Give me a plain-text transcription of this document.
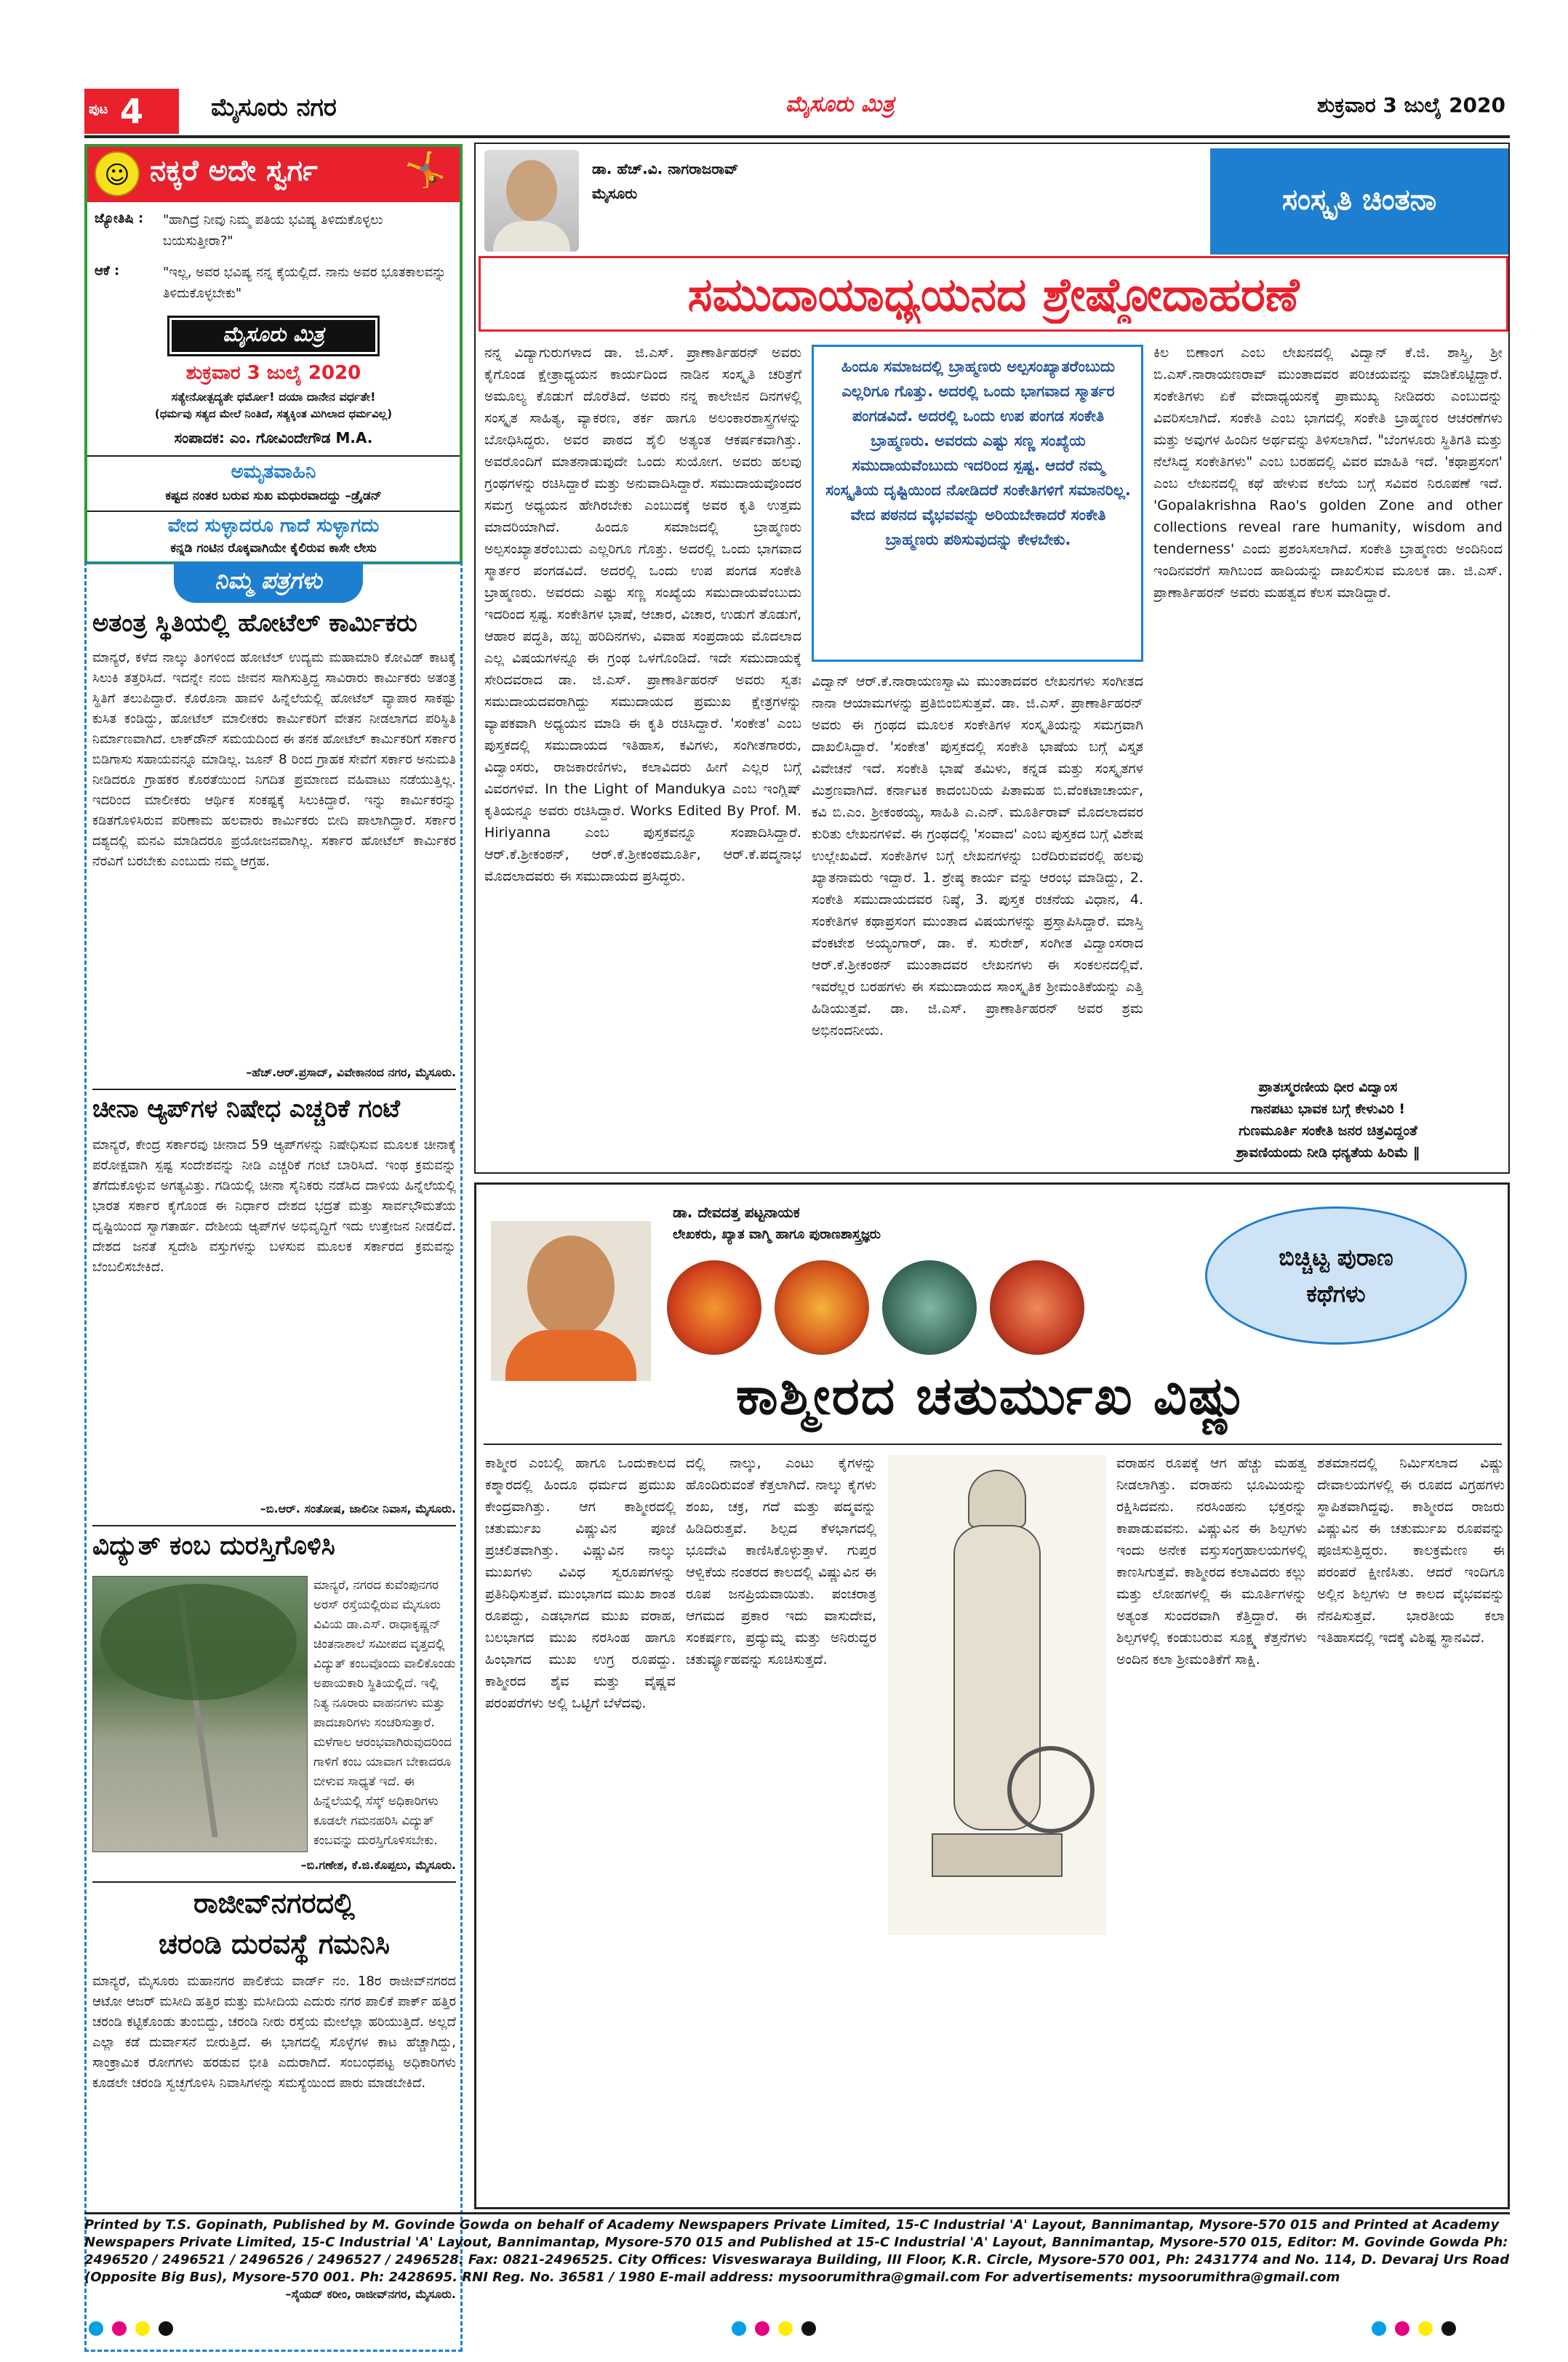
ಪುಟ 4	ಮೈಸೂರು ನಗರ	ಮೈಸೂರು ಮಿತ್ರ	ಶುಕ್ರವಾರ 3 ಜುಲೈ 2020
☺ ನಕ್ಕರೆ ಅದೇ ಸ್ವರ್ಗ	🤸
ಜ್ಯೋತಿಷಿ :	"ಹಾಗಿದ್ರೆ ನೀವು ನಿಮ್ಮ ಪತಿಯ ಭವಿಷ್ಯ ತಿಳಿದುಕೊಳ್ಳಲು ಬಯಸುತ್ತೀರಾ?"
ಆಕೆ :	"ಇಲ್ಲ, ಅವರ ಭವಿಷ್ಯ ನನ್ನ ಕೈಯಲ್ಲಿದೆ. ನಾನು ಅವರ ಭೂತಕಾಲವನ್ನು ತಿಳಿದುಕೊಳ್ಳಬೇಕು"
ಮೈಸೂರು ಮಿತ್ರ
ಶುಕ್ರವಾರ 3 ಜುಲೈ 2020
ಸತ್ಯೇನೋತ್ಪದ್ಯತೇ ಧರ್ಮೋ! ದಯಾ ದಾನೇನ ವರ್ಧತೇ!
(ಧರ್ಮವು ಸತ್ಯದ ಮೇಲೆ ನಿಂತಿದೆ, ಸತ್ಯಕ್ಕಿಂತ ಮಿಗಿಲಾದ ಧರ್ಮವಿಲ್ಲ)
ಸಂಪಾದಕ: ಎಂ. ಗೋವಿಂದೇಗೌಡ M.A.
ಅಮೃತವಾಹಿನಿ
ಕಷ್ಟದ ನಂತರ ಬರುವ ಸುಖ ಮಧುರವಾದದ್ದು –ಡ್ರೈಡನ್
ವೇದ ಸುಳ್ಳಾದರೂ ಗಾದೆ ಸುಳ್ಳಾಗದು
ಕನ್ನಡಿ ಗಂಟಿನ ರೊಕ್ಕವಾಗಿಯೇ ಕೈಲಿರುವ ಕಾಸೇ ಲೇಸು
ನಿಮ್ಮ ಪತ್ರಗಳು
ಅತಂತ್ರ ಸ್ಥಿತಿಯಲ್ಲಿ ಹೋಟೆಲ್ ಕಾರ್ಮಿಕರು
ಮಾನ್ಯರೆ, ಕಳೆದ ನಾಲ್ಕು ತಿಂಗಳಿಂದ ಹೋಟೆಲ್ ಉದ್ಯಮ ಮಹಾಮಾರಿ ಕೋವಿಡ್ ಕಾಟಕ್ಕೆ ಸಿಲುಕಿ ತತ್ತರಿಸಿದೆ. ಇದನ್ನೇ ನಂಬಿ ಜೀವನ ಸಾಗಿಸುತ್ತಿದ್ದ ಸಾವಿರಾರು ಕಾರ್ಮಿಕರು ಅತಂತ್ರ ಸ್ಥಿತಿಗೆ ತಲುಪಿದ್ದಾರೆ. ಕೊರೊನಾ ಹಾವಳಿ ಹಿನ್ನೆಲೆಯಲ್ಲಿ ಹೋಟೆಲ್ ವ್ಯಾಪಾರ ಸಾಕಷ್ಟು ಕುಸಿತ ಕಂಡಿದ್ದು, ಹೋಟೆಲ್ ಮಾಲೀಕರು ಕಾರ್ಮಿಕರಿಗೆ ವೇತನ ನೀಡಲಾಗದ ಪರಿಸ್ಥಿತಿ ನಿರ್ಮಾಣವಾಗಿದೆ. ಲಾಕ್‌ಡೌನ್ ಸಮಯದಿಂದ ಈ ತನಕ ಹೋಟೆಲ್ ಕಾರ್ಮಿಕರಿಗೆ ಸರ್ಕಾರ ಬಿಡಿಗಾಸು ಸಹಾಯವನ್ನೂ ಮಾಡಿಲ್ಲ. ಜೂನ್ 8 ರಿಂದ ಗ್ರಾಹಕ ಸೇವೆಗೆ ಸರ್ಕಾರ ಅನುಮತಿ ನೀಡಿದರೂ ಗ್ರಾಹಕರ ಕೊರತೆಯಿಂದ ನಿಗದಿತ ಪ್ರಮಾಣದ ವಹಿವಾಟು ನಡೆಯುತ್ತಿಲ್ಲ. ಇದರಿಂದ ಮಾಲೀಕರು ಆರ್ಥಿಕ ಸಂಕಷ್ಟಕ್ಕೆ ಸಿಲುಕಿದ್ದಾರೆ. ಇನ್ನು ಕಾರ್ಮಿಕರನ್ನು ಕಡಿತಗೊಳಿಸಿರುವ ಪರಿಣಾಮ ಹಲವಾರು ಕಾರ್ಮಿಕರು ಬೀದಿ ಪಾಲಾಗಿದ್ದಾರೆ. ಸರ್ಕಾರ ದಶ್ಯದಲ್ಲಿ ಮನವಿ ಮಾಡಿದರೂ ಪ್ರಯೋಜನವಾಗಿಲ್ಲ. ಸರ್ಕಾರ ಹೋಟೆಲ್ ಕಾರ್ಮಿಕರ ನೆರವಿಗೆ ಬರಬೇಕು ಎಂಬುದು ನಮ್ಮ ಆಗ್ರಹ.
–ಹೆಚ್.ಆರ್.ಪ್ರಸಾದ್, ವಿವೇಕಾನಂದ ನಗರ, ಮೈಸೂರು.
ಚೀನಾ ಆ್ಯಪ್‌ಗಳ ನಿಷೇಧ ಎಚ್ಚರಿಕೆ ಗಂಟೆ
ಮಾನ್ಯರೆ, ಕೇಂದ್ರ ಸರ್ಕಾರವು ಚೀನಾದ 59 ಆ್ಯಪ್‌ಗಳನ್ನು ನಿಷೇಧಿಸುವ ಮೂಲಕ ಚೀನಾಕ್ಕೆ ಪರೋಕ್ಷವಾಗಿ ಸ್ಪಷ್ಟ ಸಂದೇಶವನ್ನು ನೀಡಿ ಎಚ್ಚರಿಕೆ ಗಂಟೆ ಬಾರಿಸಿದೆ. ಇಂಥ ಕ್ರಮವನ್ನು ತೆಗೆದುಕೊಳ್ಳುವ ಅಗತ್ಯವಿತ್ತು. ಗಡಿಯಲ್ಲಿ ಚೀನಾ ಸೈನಿಕರು ನಡೆಸಿದ ದಾಳಿಯ ಹಿನ್ನೆಲೆಯಲ್ಲಿ ಭಾರತ ಸರ್ಕಾರ ಕೈಗೊಂಡ ಈ ನಿರ್ಧಾರ ದೇಶದ ಭದ್ರತೆ ಮತ್ತು ಸಾರ್ವಭೌಮತೆಯ ದೃಷ್ಟಿಯಿಂದ ಸ್ವಾಗತಾರ್ಹ. ದೇಶೀಯ ಆ್ಯಪ್‌ಗಳ ಅಭಿವೃದ್ಧಿಗೆ ಇದು ಉತ್ತೇಜನ ನೀಡಲಿದೆ. ದೇಶದ ಜನತೆ ಸ್ವದೇಶಿ ವಸ್ತುಗಳನ್ನು ಬಳಸುವ ಮೂಲಕ ಸರ್ಕಾರದ ಕ್ರಮವನ್ನು ಬೆಂಬಲಿಸಬೇಕಿದೆ.
–ಬಿ.ಆರ್. ಸಂತೋಷ, ಜಾಲಿನೀ ನಿವಾಸ, ಮೈಸೂರು.
ವಿದ್ಯುತ್ ಕಂಬ ದುರಸ್ತಿಗೊಳಿಸಿ
ಮಾನ್ಯರೆ, ನಗರದ ಕುವೆಂಪುನಗರ ಅರಸ್ ರಸ್ತೆಯಲ್ಲಿರುವ ಮೈಸೂರು ವಿವಿಯ ಡಾ.ಎಸ್. ರಾಧಾಕೃಷ್ಣನ್ ಚಿಂತನಾಶಾಲೆ ಸಮೀಪದ ವೃತ್ತದಲ್ಲಿ ವಿದ್ಯುತ್ ಕಂಬವೊಂದು ವಾಲಿಕೊಂಡು ಅಪಾಯಕಾರಿ ಸ್ಥಿತಿಯಲ್ಲಿದೆ. ಇಲ್ಲಿ ನಿತ್ಯ ನೂರಾರು ವಾಹನಗಳು ಮತ್ತು ಪಾದಚಾರಿಗಳು ಸಂಚರಿಸುತ್ತಾರೆ. ಮಳೆಗಾಲ ಆರಂಭವಾಗಿರುವುದರಿಂದ ಗಾಳಿಗೆ ಕಂಬ ಯಾವಾಗ ಬೇಕಾದರೂ ಬೀಳುವ ಸಾಧ್ಯತೆ ಇದೆ. ಈ ಹಿನ್ನೆಲೆಯಲ್ಲಿ ಸೆಸ್ಕ್ ಅಧಿಕಾರಿಗಳು ಕೂಡಲೇ ಗಮನಹರಿಸಿ ವಿದ್ಯುತ್ ಕಂಬವನ್ನು ದುರಸ್ತಿಗೊಳಿಸಬೇಕು.
–ಬಿ.ಗಣೇಶ, ಕೆ.ಜಿ.ಕೊಪ್ಪಲು, ಮೈಸೂರು.
ರಾಜೀವ್‌ನಗರದಲ್ಲಿ
ಚರಂಡಿ ದುರವಸ್ಥೆ ಗಮನಿಸಿ
ಮಾನ್ಯರೆ, ಮೈಸೂರು ಮಹಾನಗರ ಪಾಲಿಕೆಯ ವಾರ್ಡ್ ನಂ. 18ರ ರಾಜೀವ್‌ನಗರದ ಆಟೋ ಆಜರ್ ಮಸೀದಿ ಹತ್ತಿರ ಮತ್ತು ಮಸೀದಿಯ ಎದುರು ನಗರ ಪಾಲಿಕೆ ಪಾರ್ಕ್ ಹತ್ತಿರ ಚರಂಡಿ ಕಟ್ಟಿಕೊಂಡು ತುಂಬಿದ್ದು, ಚರಂಡಿ ನೀರು ರಸ್ತೆಯ ಮೇಲೆಲ್ಲಾ ಹರಿಯುತ್ತಿದೆ. ಅಲ್ಲದೆ ಎಲ್ಲಾ ಕಡೆ ದುರ್ವಾಸನೆ ಬೀರುತ್ತಿದೆ. ಈ ಭಾಗದಲ್ಲಿ ಸೊಳ್ಳೆಗಳ ಕಾಟ ಹೆಚ್ಚಾಗಿದ್ದು, ಸಾಂಕ್ರಾಮಿಕ ರೋಗಗಳು ಹರಡುವ ಭೀತಿ ಎದುರಾಗಿದೆ. ಸಂಬಂಧಪಟ್ಟ ಅಧಿಕಾರಿಗಳು ಕೂಡಲೇ ಚರಂಡಿ ಸ್ವಚ್ಛಗೊಳಿಸಿ ನಿವಾಸಿಗಳನ್ನು ಸಮಸ್ಯೆಯಿಂದ ಪಾರು ಮಾಡಬೇಕಿದೆ.
–ಸೈಯದ್ ಕರೀಂ, ರಾಜೀವ್‌ನಗರ, ಮೈಸೂರು.
ಡಾ. ಹೆಚ್.ವಿ. ನಾಗರಾಜರಾವ್
ಮೈಸೂರು	ಸಂಸ್ಕೃತಿ ಚಿಂತನಾ
ಸಮುದಾಯಾಧ್ಯಯನದ ಶ್ರೇಷ್ಠೋದಾಹರಣೆ
ನನ್ನ ವಿದ್ಯಾಗುರುಗಳಾದ ಡಾ. ಜಿ.ಎಸ್. ಪ್ರಾಣಾರ್ತಿಹರನ್ ಅವರು ಕೈಗೊಂಡ ಕ್ಷೇತ್ರಾಧ್ಯಯನ ಕಾರ್ಯದಿಂದ ನಾಡಿನ ಸಂಸ್ಕೃತಿ ಚರಿತ್ರೆಗೆ ಅಮೂಲ್ಯ ಕೊಡುಗೆ ದೊರೆತಿದೆ. ಅವರು ನನ್ನ ಕಾಲೇಜಿನ ದಿನಗಳಲ್ಲಿ ಸಂಸ್ಕೃತ ಸಾಹಿತ್ಯ, ವ್ಯಾಕರಣ, ತರ್ಕ ಹಾಗೂ ಅಲಂಕಾರಶಾಸ್ತ್ರಗಳನ್ನು ಬೋಧಿಸಿದ್ದರು. ಅವರ ಪಾಠದ ಶೈಲಿ ಅತ್ಯಂತ ಆಕರ್ಷಕವಾಗಿತ್ತು. ಅವರೊಂದಿಗೆ ಮಾತನಾಡುವುದೇ ಒಂದು ಸುಯೋಗ. ಅವರು ಹಲವು ಗ್ರಂಥಗಳನ್ನು ರಚಿಸಿದ್ದಾರೆ ಮತ್ತು ಅನುವಾದಿಸಿದ್ದಾರೆ. ಸಮುದಾಯವೊಂದರ ಸಮಗ್ರ ಅಧ್ಯಯನ ಹೇಗಿರಬೇಕು ಎಂಬುದಕ್ಕೆ ಅವರ ಕೃತಿ ಉತ್ತಮ ಮಾದರಿಯಾಗಿದೆ. ಹಿಂದೂ ಸಮಾಜದಲ್ಲಿ ಬ್ರಾಹ್ಮಣರು ಅಲ್ಪಸಂಖ್ಯಾತರೆಂಬುದು ಎಲ್ಲರಿಗೂ ಗೊತ್ತು. ಅದರಲ್ಲಿ ಒಂದು ಭಾಗವಾದ ಸ್ಮಾರ್ತರ ಪಂಗಡವಿದೆ. ಅದರಲ್ಲಿ ಒಂದು ಉಪ ಪಂಗಡ ಸಂಕೇತಿ ಬ್ರಾಹ್ಮಣರು. ಅವರದು ಎಷ್ಟು ಸಣ್ಣ ಸಂಖ್ಯೆಯ ಸಮುದಾಯವೆಂಬುದು ಇದರಿಂದ ಸ್ಪಷ್ಟ. ಸಂಕೇತಿಗಳ ಭಾಷೆ, ಆಚಾರ, ವಿಚಾರ, ಉಡುಗೆ ತೊಡುಗೆ, ಆಹಾರ ಪದ್ಧತಿ, ಹಬ್ಬ ಹರಿದಿನಗಳು, ವಿವಾಹ ಸಂಪ್ರದಾಯ ಮೊದಲಾದ ಎಲ್ಲ ವಿಷಯಗಳನ್ನೂ ಈ ಗ್ರಂಥ ಒಳಗೊಂಡಿದೆ. ಇದೇ ಸಮುದಾಯಕ್ಕೆ ಸೇರಿದವರಾದ ಡಾ. ಜಿ.ಎಸ್. ಪ್ರಾಣಾರ್ತಿಹರನ್ ಅವರು ಸ್ವತಃ ಸಮುದಾಯದವರಾಗಿದ್ದು ಸಮುದಾಯದ ಪ್ರಮುಖ ಕ್ಷೇತ್ರಗಳನ್ನು ವ್ಯಾಪಕವಾಗಿ ಅಧ್ಯಯನ ಮಾಡಿ ಈ ಕೃತಿ ರಚಿಸಿದ್ದಾರೆ. 'ಸಂಕೇತ' ಎಂಬ ಪುಸ್ತಕದಲ್ಲಿ ಸಮುದಾಯದ ಇತಿಹಾಸ, ಕವಿಗಳು, ಸಂಗೀತಗಾರರು, ವಿದ್ವಾಂಸರು, ರಾಜಕಾರಣಿಗಳು, ಕಲಾವಿದರು ಹೀಗೆ ಎಲ್ಲರ ಬಗ್ಗೆ ವಿವರಗಳಿವೆ. In the Light of Mandukya ಎಂಬ ಇಂಗ್ಲಿಷ್ ಕೃತಿಯನ್ನೂ ಅವರು ರಚಿಸಿದ್ದಾರೆ. Works Edited By Prof. M. Hiriyanna ಎಂಬ ಪುಸ್ತಕವನ್ನೂ ಸಂಪಾದಿಸಿದ್ದಾರೆ. ಆರ್.ಕೆ.ಶ್ರೀಕಂಠನ್, ಆರ್.ಕೆ.ಶ್ರೀಕಂಠಮೂರ್ತಿ, ಆರ್.ಕೆ.ಪದ್ಮನಾಭ ಮೊದಲಾದವರು ಈ ಸಮುದಾಯದ ಪ್ರಸಿದ್ಧರು.
ಹಿಂದೂ ಸಮಾಜದಲ್ಲಿ ಬ್ರಾಹ್ಮಣರು ಅಲ್ಪಸಂಖ್ಯಾತರೆಂಬುದು ಎಲ್ಲರಿಗೂ ಗೊತ್ತು. ಅದರಲ್ಲಿ ಒಂದು ಭಾಗವಾದ ಸ್ಮಾರ್ತರ ಪಂಗಡವಿದೆ. ಅದರಲ್ಲಿ ಒಂದು ಉಪ ಪಂಗಡ ಸಂಕೇತಿ ಬ್ರಾಹ್ಮಣರು. ಅವರದು ಎಷ್ಟು ಸಣ್ಣ ಸಂಖ್ಯೆಯ ಸಮುದಾಯವೆಂಬುದು ಇದರಿಂದ ಸ್ಪಷ್ಟ. ಆದರೆ ನಮ್ಮ ಸಂಸ್ಕೃತಿಯ ದೃಷ್ಟಿಯಿಂದ ನೋಡಿದರೆ ಸಂಕೇತಿಗಳಿಗೆ ಸಮಾನರಿಲ್ಲ. ವೇದ ಪಠನದ ವೈಭವವನ್ನು ಅರಿಯಬೇಕಾದರೆ ಸಂಕೇತಿ ಬ್ರಾಹ್ಮಣರು ಪಠಿಸುವುದನ್ನು ಕೇಳಬೇಕು.
ವಿದ್ವಾನ್ ಆರ್.ಕೆ.ನಾರಾಯಣಸ್ವಾಮಿ ಮುಂತಾದವರ ಲೇಖನಗಳು ಸಂಗೀತದ ನಾನಾ ಆಯಾಮಗಳನ್ನು ಪ್ರತಿಬಿಂಬಿಸುತ್ತವೆ. ಡಾ. ಜಿ.ಎಸ್. ಪ್ರಾಣಾರ್ತಿಹರನ್ ಅವರು ಈ ಗ್ರಂಥದ ಮೂಲಕ ಸಂಕೇತಿಗಳ ಸಂಸ್ಕೃತಿಯನ್ನು ಸಮಗ್ರವಾಗಿ ದಾಖಲಿಸಿದ್ದಾರೆ. 'ಸಂಕೇತ' ಪುಸ್ತಕದಲ್ಲಿ ಸಂಕೇತಿ ಭಾಷೆಯ ಬಗ್ಗೆ ವಿಸ್ತೃತ ವಿವೇಚನೆ ಇದೆ. ಸಂಕೇತಿ ಭಾಷೆ ತಮಿಳು, ಕನ್ನಡ ಮತ್ತು ಸಂಸ್ಕೃತಗಳ ಮಿಶ್ರಣವಾಗಿದೆ. ಕರ್ನಾಟಕ ಕಾದಂಬರಿಯ ಪಿತಾಮಹ ಬಿ.ವೆಂಕಟಾಚಾರ್ಯ, ಕವಿ ಬಿ.ಎಂ. ಶ್ರೀಕಂಠಯ್ಯ, ಸಾಹಿತಿ ಎ.ಎನ್. ಮೂರ್ತಿರಾವ್ ಮೊದಲಾದವರ ಕುರಿತು ಲೇಖನಗಳಿವೆ. ಈ ಗ್ರಂಥದಲ್ಲಿ 'ಸಂವಾದ' ಎಂಬ ಪುಸ್ತಕದ ಬಗ್ಗೆ ವಿಶೇಷ ಉಲ್ಲೇಖವಿದೆ. ಸಂಕೇತಿಗಳ ಬಗ್ಗೆ ಲೇಖನಗಳನ್ನು ಬರೆದಿರುವವರಲ್ಲಿ ಹಲವು ಖ್ಯಾತನಾಮರು ಇದ್ದಾರೆ. 1. ಶ್ರೇಷ್ಠ ಕಾರ್ಯ ವನ್ನು ಆರಂಭ ಮಾಡಿದ್ದು, 2. ಸಂಕೇತಿ ಸಮುದಾಯದವರ ನಿಷ್ಠೆ, 3. ಪುಸ್ತಕ ರಚನೆಯ ವಿಧಾನ, 4. ಸಂಕೇತಿಗಳ ಕಥಾಪ್ರಸಂಗ ಮುಂತಾದ ವಿಷಯಗಳನ್ನು ಪ್ರಸ್ತಾಪಿಸಿದ್ದಾರೆ. ಮಾಸ್ತಿ ವೆಂಕಟೇಶ ಅಯ್ಯಂಗಾರ್, ಡಾ. ಕೆ. ಸುರೇಶ್, ಸಂಗೀತ ವಿದ್ವಾಂಸರಾದ ಆರ್.ಕೆ.ಶ್ರೀಕಂಠನ್ ಮುಂತಾದವರ ಲೇಖನಗಳು ಈ ಸಂಕಲನದಲ್ಲಿವೆ. ಇವರೆಲ್ಲರ ಬರಹಗಳು ಈ ಸಮುದಾಯದ ಸಾಂಸ್ಕೃತಿಕ ಶ್ರೀಮಂತಿಕೆಯನ್ನು ಎತ್ತಿ ಹಿಡಿಯುತ್ತವೆ. ಡಾ. ಜಿ.ಎಸ್. ಪ್ರಾಣಾರ್ತಿಹರನ್ ಅವರ ಶ್ರಮ ಅಭಿನಂದನೀಯ.
ಕಿಲ ಬಿಣಾಂಗ ಎಂಬ ಲೇಖನದಲ್ಲಿ ವಿದ್ವಾನ್ ಕೆ.ಜಿ. ಶಾಸ್ತ್ರಿ, ಶ್ರೀ ಬಿ.ಎಸ್.ನಾರಾಯಣರಾವ್ ಮುಂತಾದವರ ಪರಿಚಯವನ್ನು ಮಾಡಿಕೊಟ್ಟಿದ್ದಾರೆ. ಸಂಕೇತಿಗಳು ಏಕೆ ವೇದಾಧ್ಯಯನಕ್ಕೆ ಪ್ರಾಮುಖ್ಯ ನೀಡಿದರು ಎಂಬುದನ್ನು ವಿವರಿಸಲಾಗಿದೆ. ಸಂಕೇತಿ ಎಂಬ ಭಾಗದಲ್ಲಿ ಸಂಕೇತಿ ಬ್ರಾಹ್ಮಣರ ಆಚರಣೆಗಳು ಮತ್ತು ಅವುಗಳ ಹಿಂದಿನ ಅರ್ಥವನ್ನು ತಿಳಿಸಲಾಗಿದೆ. "ಬೆಂಗಳೂರು ಸ್ಥಿತಿಗತಿ ಮತ್ತು ನೆಲೆಸಿದ್ದ ಸಂಕೇತಿಗಳು" ಎಂಬ ಬರಹದಲ್ಲಿ ವಿವರ ಮಾಹಿತಿ ಇದೆ. 'ಕಥಾಪ್ರಸಂಗ' ಎಂಬ ಲೇಖನದಲ್ಲಿ ಕಥೆ ಹೇಳುವ ಕಲೆಯ ಬಗ್ಗೆ ಸವಿವರ ನಿರೂಪಣೆ ಇದೆ. 'Gopalakrishna Rao's golden Zone and other collections reveal rare humanity, wisdom and tenderness' ಎಂದು ಪ್ರಶಂಸಿಸಲಾಗಿದೆ. ಸಂಕೇತಿ ಬ್ರಾಹ್ಮಣರು ಅಂದಿನಿಂದ ಇಂದಿನವರೆಗೆ ಸಾಗಿಬಂದ ಹಾದಿಯನ್ನು ದಾಖಲಿಸುವ ಮೂಲಕ ಡಾ. ಜಿ.ಎಸ್. ಪ್ರಾಣಾರ್ತಿಹರನ್ ಅವರು ಮಹತ್ವದ ಕೆಲಸ ಮಾಡಿದ್ದಾರೆ.
ಪ್ರಾತಃಸ್ಮರಣೀಯ ಧೀರ ವಿದ್ವಾಂಸ
ಗಾನಪಟು ಭಾವಕ ಬಗ್ಗೆ ಕೇಳುವಿರಿ !
ಗುಣಮೂರ್ತಿ ಸಂಕೇತಿ ಜನರ ಚಿತ್ರವಿದ್ದಂತೆ
ಶ್ರಾವಣಿಯಂದು ನೀಡಿ ಧನ್ಯತೆಯ ಹಿರಿಮೆ ‖
ಡಾ. ದೇವದತ್ತ ಪಟ್ಟನಾಯಕ
ಲೇಖಕರು, ಖ್ಯಾತ ವಾಗ್ಮಿ ಹಾಗೂ ಪುರಾಣಶಾಸ್ತ್ರಜ್ಞರು
ಬಿಚ್ಚಿಟ್ಟ ಪುರಾಣ
ಕಥೆಗಳು
ಕಾಶ್ಮೀರದ ಚತುರ್ಮುಖ ವಿಷ್ಣು
ಕಾಶ್ಮೀರ ಎಂಬಲ್ಲಿ ಹಾಗೂ ಒಂದುಕಾಲದ ಕಶ್ಮಾರದಲ್ಲಿ ಹಿಂದೂ ಧರ್ಮದ ಪ್ರಮುಖ ಕೇಂದ್ರವಾಗಿತ್ತು. ಆಗ ಕಾಶ್ಮೀರದಲ್ಲಿ ಚತುರ್ಮುಖ ವಿಷ್ಣುವಿನ ಪೂಜೆ ಪ್ರಚಲಿತವಾಗಿತ್ತು. ವಿಷ್ಣುವಿನ ನಾಲ್ಕು ಮುಖಗಳು ವಿವಿಧ ಸ್ವರೂಪಗಳನ್ನು ಪ್ರತಿನಿಧಿಸುತ್ತವೆ. ಮುಂಭಾಗದ ಮುಖ ಶಾಂತ ರೂಪದ್ದು, ಎಡಭಾಗದ ಮುಖ ವರಾಹ, ಬಲಭಾಗದ ಮುಖ ನರಸಿಂಹ ಹಾಗೂ ಹಿಂಭಾಗದ ಮುಖ ಉಗ್ರ ರೂಪದ್ದು. ಕಾಶ್ಮೀರದ ಶೈವ ಮತ್ತು ವೈಷ್ಣವ ಪರಂಪರೆಗಳು ಅಲ್ಲಿ ಒಟ್ಟಿಗೆ ಬೆಳೆದವು.
ದಲ್ಲಿ ನಾಲ್ಕು, ಎಂಟು ಕೈಗಳನ್ನು ಹೊಂದಿರುವಂತೆ ಕೆತ್ತಲಾಗಿದೆ. ನಾಲ್ಕು ಕೈಗಳು ಶಂಖ, ಚಕ್ರ, ಗದೆ ಮತ್ತು ಪದ್ಮವನ್ನು ಹಿಡಿದಿರುತ್ತವೆ. ಶಿಲ್ಪದ ಕೆಳಭಾಗದಲ್ಲಿ ಭೂದೇವಿ ಕಾಣಿಸಿಕೊಳ್ಳುತ್ತಾಳೆ. ಗುಪ್ತರ ಆಳ್ವಿಕೆಯ ನಂತರದ ಕಾಲದಲ್ಲಿ ವಿಷ್ಣುವಿನ ಈ ರೂಪ ಜನಪ್ರಿಯವಾಯಿತು. ಪಂಚರಾತ್ರ ಆಗಮದ ಪ್ರಕಾರ ಇದು ವಾಸುದೇವ, ಸಂಕರ್ಷಣ, ಪ್ರದ್ಯುಮ್ನ ಮತ್ತು ಅನಿರುದ್ಧರ ಚತುರ್ವ್ಯೂಹವನ್ನು ಸೂಚಿಸುತ್ತದೆ.
ವರಾಹನ ರೂಪಕ್ಕೆ ಆಗ ಹೆಚ್ಚು ಮಹತ್ವ ನೀಡಲಾಗಿತ್ತು. ವರಾಹನು ಭೂಮಿಯನ್ನು ರಕ್ಷಿಸಿದವನು. ನರಸಿಂಹನು ಭಕ್ತರನ್ನು ಕಾಪಾಡುವವನು. ವಿಷ್ಣುವಿನ ಈ ಶಿಲ್ಪಗಳು ಇಂದು ಅನೇಕ ವಸ್ತುಸಂಗ್ರಹಾಲಯಗಳಲ್ಲಿ ಕಾಣಸಿಗುತ್ತವೆ. ಕಾಶ್ಮೀರದ ಕಲಾವಿದರು ಕಲ್ಲು ಮತ್ತು ಲೋಹಗಳಲ್ಲಿ ಈ ಮೂರ್ತಿಗಳನ್ನು ಅತ್ಯಂತ ಸುಂದರವಾಗಿ ಕೆತ್ತಿದ್ದಾರೆ. ಈ ಶಿಲ್ಪಗಳಲ್ಲಿ ಕಂಡುಬರುವ ಸೂಕ್ಷ್ಮ ಕೆತ್ತನೆಗಳು ಅಂದಿನ ಕಲಾ ಶ್ರೀಮಂತಿಕೆಗೆ ಸಾಕ್ಷಿ.
ಶತಮಾನದಲ್ಲಿ ನಿರ್ಮಿಸಲಾದ ವಿಷ್ಣು ದೇವಾಲಯಗಳಲ್ಲಿ ಈ ರೂಪದ ವಿಗ್ರಹಗಳು ಸ್ಥಾಪಿತವಾಗಿದ್ದವು. ಕಾಶ್ಮೀರದ ರಾಜರು ವಿಷ್ಣುವಿನ ಈ ಚತುರ್ಮುಖ ರೂಪವನ್ನು ಪೂಜಿಸುತ್ತಿದ್ದರು. ಕಾಲಕ್ರಮೇಣ ಈ ಪರಂಪರೆ ಕ್ಷೀಣಿಸಿತು. ಆದರೆ ಇಂದಿಗೂ ಅಲ್ಲಿನ ಶಿಲ್ಪಗಳು ಆ ಕಾಲದ ವೈಭವವನ್ನು ನೆನಪಿಸುತ್ತವೆ. ಭಾರತೀಯ ಕಲಾ ಇತಿಹಾಸದಲ್ಲಿ ಇದಕ್ಕೆ ವಿಶಿಷ್ಟ ಸ್ಥಾನವಿದೆ.
Printed by T.S. Gopinath, Published by M. Govinde Gowda on behalf of Academy Newspapers Private Limited, 15-C Industrial 'A' Layout, Bannimantap, Mysore-570 015 and Printed at Academy Newspapers Private Limited, 15-C Industrial 'A' Layout, Bannimantap, Mysore-570 015 and Published at 15-C Industrial 'A' Layout, Bannimantap, Mysore-570 015, Editor: M. Govinde Gowda Ph: 2496520 / 2496521 / 2496526 / 2496527 / 2496528. Fax: 0821-2496525. City Offices: Visveswaraya Building, III Floor, K.R. Circle, Mysore-570 001, Ph: 2431774 and No. 114, D. Devaraj Urs Road (Opposite Big Bus), Mysore-570 001. Ph: 2428695. RNI Reg. No. 36581 / 1980 E-mail address: mysoorumithra@gmail.com For advertisements: mysoorumithra@gmail.com
